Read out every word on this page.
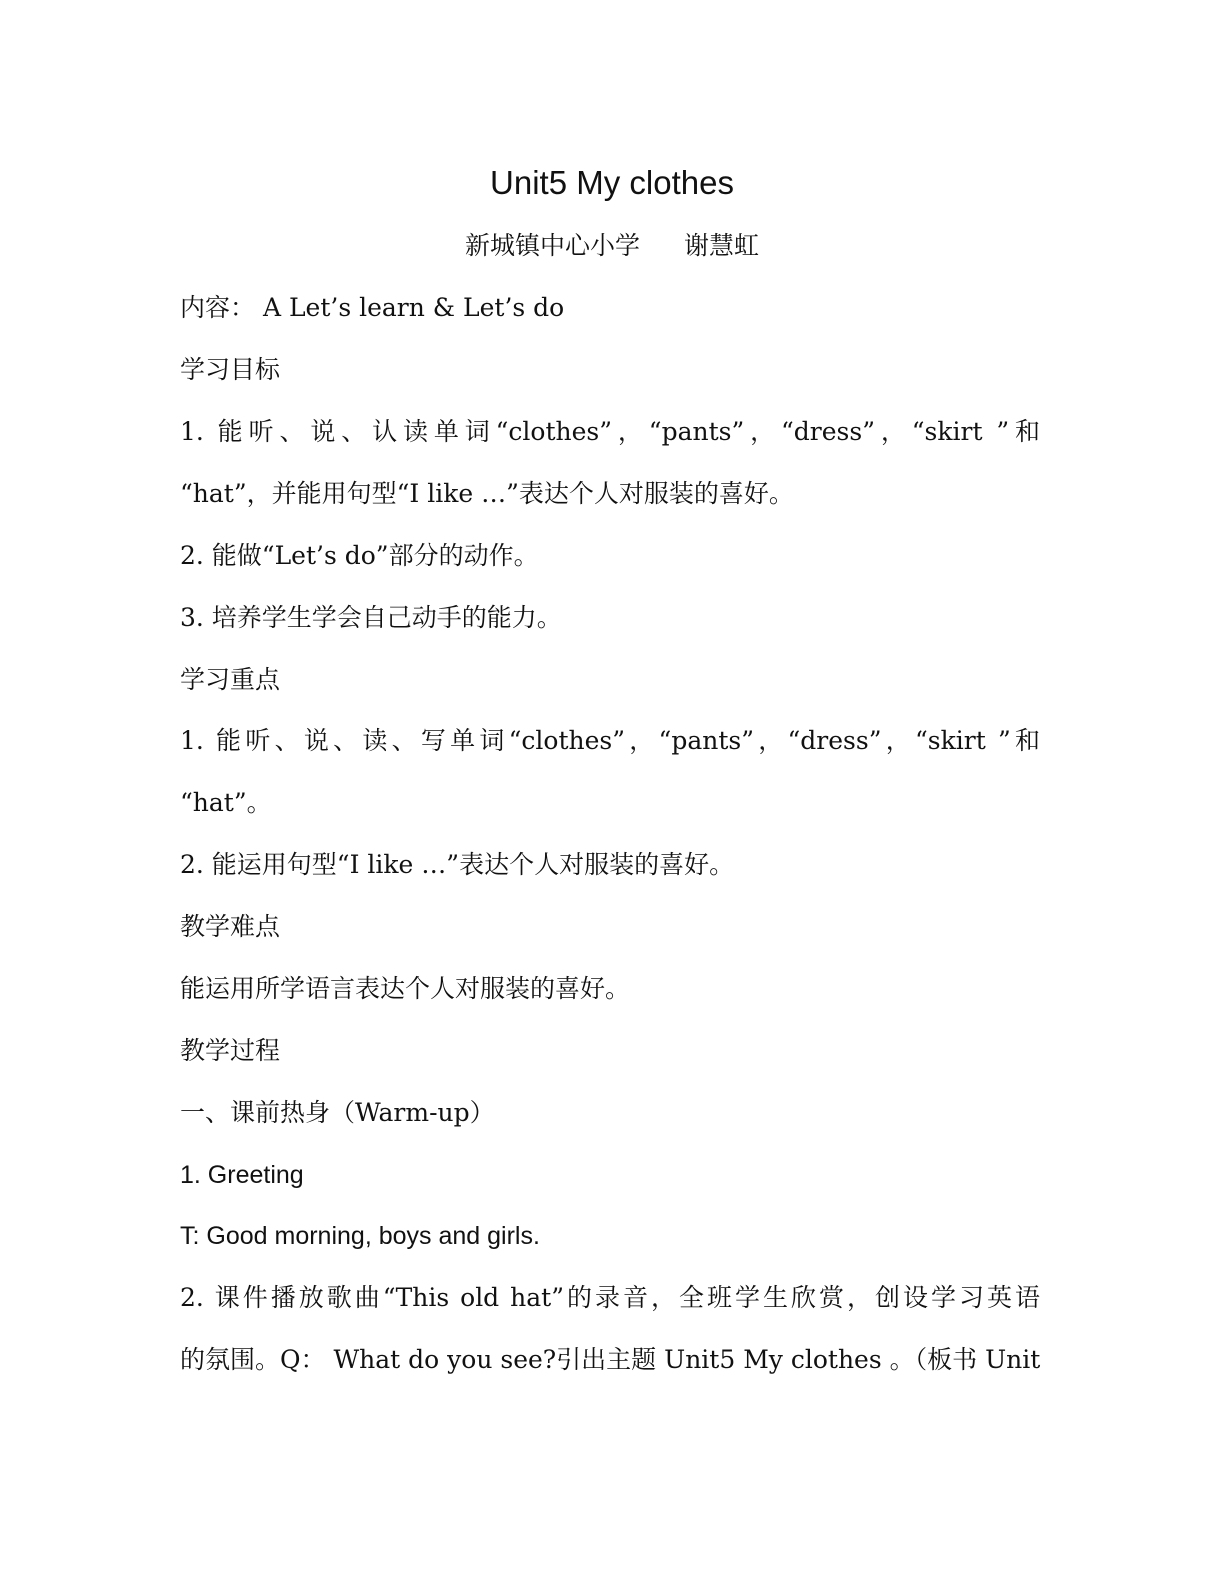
Unit5 My clothes
新城镇中心小学 谢慧虹
内容： A Let’s learn & Let’s do
学习目标
1. 能听、说、认读单词“clothes”，“pants”，“dress”，“skirt ”和
“hat”，并能用句型“I like …”表达个人对服装的喜好。
2. 能做“Let’s do”部分的动作。
3. 培养学生学会自己动手的能力。
学习重点
1. 能听、说、读、写单词“clothes”，“pants”，“dress”，“skirt ”和
“hat”。
2. 能运用句型“I like …”表达个人对服装的喜好。
教学难点
能运用所学语言表达个人对服装的喜好。
教学过程
一、课前热身（Warm-up）
1. Greeting
T: Good morning, boys and girls.
2. 课件播放歌曲“This old hat”的录音，全班学生欣赏，创设学习英语
的氛围。Q： What do you see?引出主题 Unit5 My clothes 。（板书 Unit
